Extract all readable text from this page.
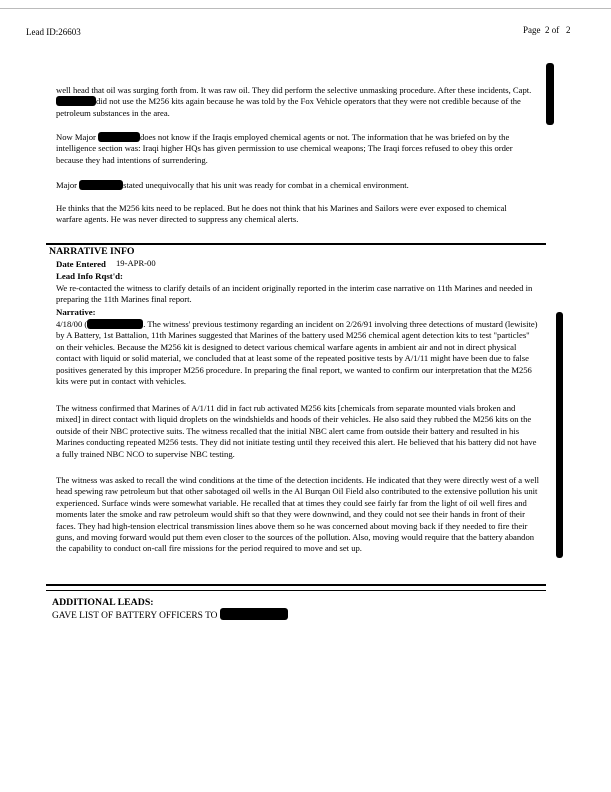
Lead ID:26603	Page  2 of   2
well head that oil was surging forth from. It was raw oil. They did perform the selective unmasking procedure. After these incidents, Capt. did not use the M256 kits again because he was told by the Fox Vehicle operators that they were not credible because of the petroleum substances in the area.
Now Major	does not know if the Iraqis employed chemical agents or not. The information that he was briefed on by the intelligence section was: Iraqi higher HQs has given permission to use chemical weapons; The Iraqi forces refused to obey this order because they had intentions of surrendering.
Major	stated unequivocally that his unit was ready for combat in a chemical environment.
He thinks that the M256 kits need to be replaced. But he does not think that his Marines and Sailors were ever exposed to chemical warfare agents. He was never directed to suppress any chemical alerts.
NARRATIVE INFO
Date Entered 19-APR-00
Lead Info Rqst'd:
We re-contacted the witness to clarify details of an incident originally reported in the interim case narrative on 11th Marines and needed in preparing the 11th Marines final report.
Narrative:
4/18/00 (	. The witness' previous testimony regarding an incident on 2/26/91 involving three detections of mustard (lewisite) by A Battery, 1st Battalion, 11th Marines suggested that Marines of the battery used M256 chemical agent detection kits to test "particles" on their vehicles. Because the M256 kit is designed to detect various chemical warfare agents in ambient air and not in direct physical contact with liquid or solid material, we concluded that at least some of the repeated positive tests by A/1/11 might have been due to false positives generated by this improper M256 procedure. In preparing the final report, we wanted to confirm our interpretation that the M256 kits were put in contact with vehicles.
The witness confirmed that Marines of A/1/11 did in fact rub activated M256 kits [chemicals from separate mounted vials broken and mixed] in direct contact with liquid droplets on the windshields and hoods of their vehicles. He also said they rubbed the M256 kits on the outside of their NBC protective suits. The witness recalled that the initial NBC alert came from outside their battery and resulted in his Marines conducting repeated M256 tests. They did not initiate testing until they received this alert. He believed that his battery did not have a fully trained NBC NCO to supervise NBC testing.
The witness was asked to recall the wind conditions at the time of the detection incidents. He indicated that they were directly west of a well head spewing raw petroleum but that other sabotaged oil wells in the Al Burqan Oil Field also contributed to the extensive pollution his unit experienced. Surface winds were somewhat variable. He recalled that at times they could see fairly far from the light of oil well fires and moments later the smoke and raw petroleum would shift so that they were downwind, and they could not see their hands in front of their faces. They had high-tension electrical transmission lines above them so he was concerned about moving back if they needed to fire their guns, and moving forward would put them even closer to the sources of the pollution. Also, moving would require that the battery abandon the capability to conduct on-call fire missions for the period required to move and set up.
ADDITIONAL LEADS:
GAVE LIST OF BATTERY OFFICERS TO
